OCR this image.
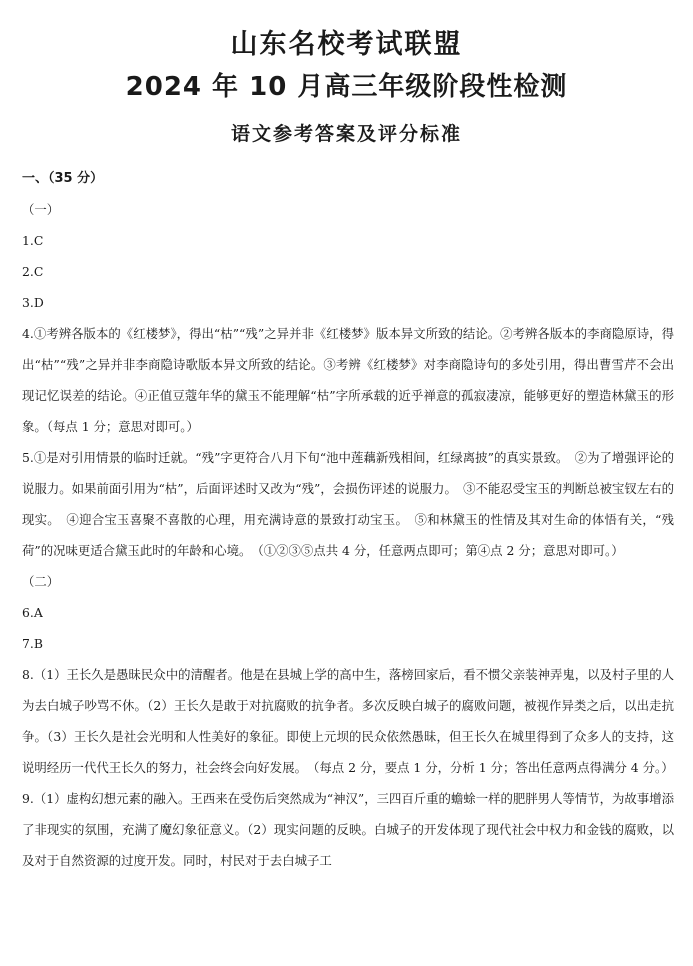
山东名校考试联盟
2024 年 10 月高三年级阶段性检测
语文参考答案及评分标准

一、（35 分）

（一）

1.C

2.C

3.D

4.①考辨各版本的《红楼梦》，得出“枯”“残”之异并非《红楼梦》版本异文所致的结论。②考辨各版本的李商隐原诗，得出“枯”“残”之异并非李商隐诗歌版本异文所致的结论。③考辨《红楼梦》对李商隐诗句的多处引用，得出曹雪芹不会出现记忆误差的结论。④正值豆蔻年华的黛玉不能理解“枯”字所承载的近乎禅意的孤寂凄凉，能够更好的塑造林黛玉的形象。（每点 1 分；意思对即可。）

5.①是对引用情景的临时迁就。“残”字更符合八月下旬“池中莲藕新残相间，红绿离披”的真实景致。　②为了增强评论的说服力。如果前面引用为“枯”，后面评述时又改为“残”，会损伤评述的说服力。　③不能忍受宝玉的判断总被宝钗左右的现实。　④迎合宝玉喜聚不喜散的心理，用充满诗意的景致打动宝玉。　⑤和林黛玉的性情及其对生命的体悟有关，“残荷”的况味更适合黛玉此时的年龄和心境。　（①②③⑤点共 4 分，任意两点即可；第④点 2 分；意思对即可。）

（二）

6.A

7.B

8.（1）王长久是愚昧民众中的清醒者。他是在县城上学的高中生，落榜回家后，看不惯父亲装神弄鬼，以及村子里的人为去白城子吵骂不休。（2）王长久是敢于对抗腐败的抗争者。多次反映白城子的腐败问题，被视作异类之后，以出走抗争。（3）王长久是社会光明和人性美好的象征。即使上元坝的民众依然愚昧，但王长久在城里得到了众多人的支持，这说明经历一代代王长久的努力，社会终会向好发展。　（每点 2 分，要点 1 分，分析 1 分；答出任意两点得满分 4 分。）

9.（1）虚构幻想元素的融入。王西来在受伤后突然成为“神汉”，三四百斤重的蟾蜍一样的肥胖男人等情节，为故事增添了非现实的氛围，充满了魔幻象征意义。（2）现实问题的反映。白城子的开发体现了现代社会中权力和金钱的腐败，以及对于自然资源的过度开发。同时，村民对于去白城子工
